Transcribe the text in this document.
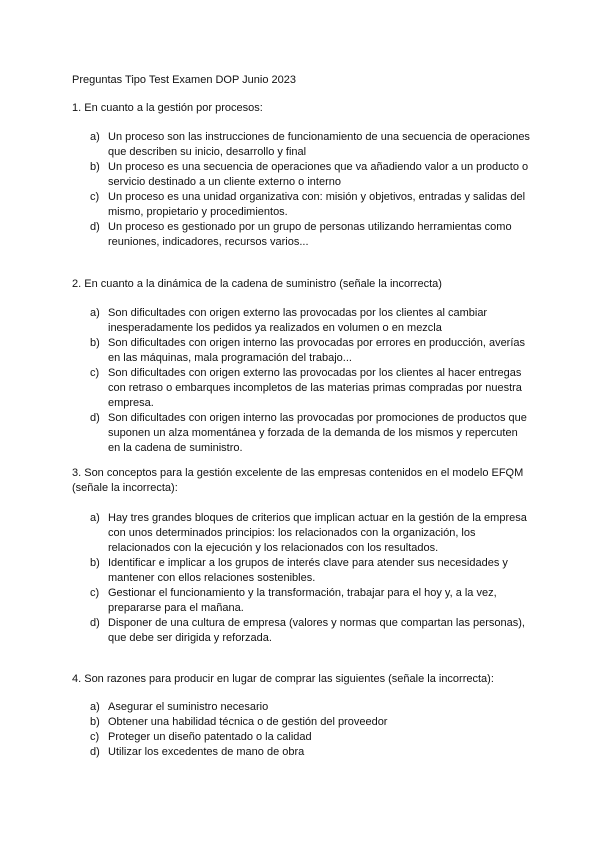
Preguntas Tipo Test Examen DOP Junio 2023
1. En cuanto a la gestión por procesos:
a) Un proceso son las instrucciones de funcionamiento de una secuencia de operaciones que describen su inicio, desarrollo y final
b) Un proceso es una secuencia de operaciones que va añadiendo valor a un producto o servicio destinado a un cliente externo o interno
c) Un proceso es una unidad organizativa con: misión y objetivos, entradas y salidas del mismo, propietario y procedimientos.
d) Un proceso es gestionado por un grupo de personas utilizando herramientas como reuniones, indicadores, recursos varios...
2. En cuanto a la dinámica de la cadena de suministro (señale la incorrecta)
a) Son dificultades con origen externo las provocadas por los clientes al cambiar inesperadamente los pedidos ya realizados en volumen o en mezcla
b) Son dificultades con origen interno las provocadas por errores en producción, averías en las máquinas, mala programación del trabajo...
c) Son dificultades con origen externo las provocadas por los clientes al hacer entregas con retraso o embarques incompletos de las materias primas compradas por nuestra empresa.
d) Son dificultades con origen interno las provocadas por promociones de productos que suponen un alza momentánea y forzada de la demanda de los mismos y repercuten en la cadena de suministro.
3. Son conceptos para la gestión excelente de las empresas contenidos en el modelo EFQM (señale la incorrecta):
a) Hay tres grandes bloques de criterios que implican actuar en la gestión de la empresa con unos determinados principios: los relacionados con la organización, los relacionados con la ejecución y los relacionados con los resultados.
b) Identificar e implicar a los grupos de interés clave para atender sus necesidades y mantener con ellos relaciones sostenibles.
c) Gestionar el funcionamiento y la transformación, trabajar para el hoy y, a la vez, prepararse para el mañana.
d) Disponer de una cultura de empresa (valores y normas que compartan las personas), que debe ser dirigida y reforzada.
4. Son razones para producir en lugar de comprar las siguientes (señale la incorrecta):
a) Asegurar el suministro necesario
b) Obtener una habilidad técnica o de gestión del proveedor
c) Proteger un diseño patentado o la calidad
d) Utilizar los excedentes de mano de obra
